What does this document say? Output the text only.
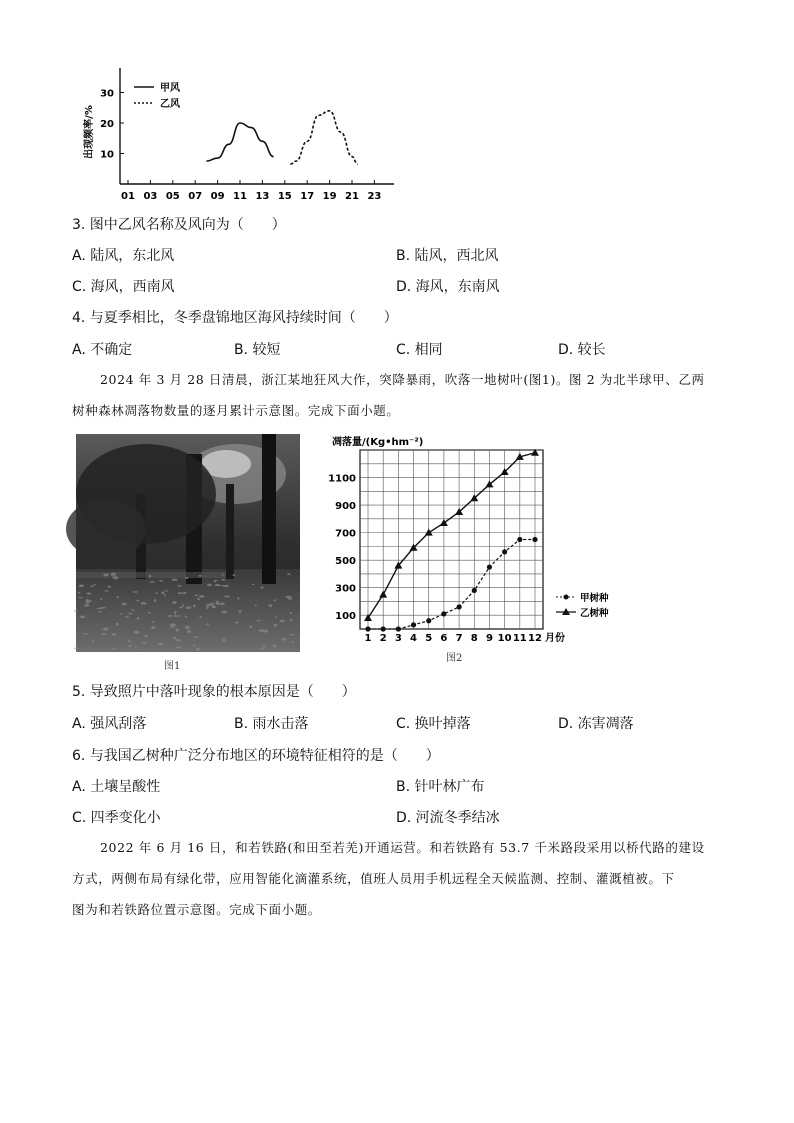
出现频率/%
01 03 05 07 09 11 13 15 17 19 21 23
30
20
10
甲风
乙风
3. 图中乙风名称及风向为（　　）
A. 陆风，东北风	B. 陆风，西北风
C. 海风，西南风	D. 海风，东南风
4. 与夏季相比，冬季盘锦地区海风持续时间（　　）
A. 不确定	B. 较短	C. 相同	D. 较长
2024 年 3 月 28 日清晨，浙江某地狂风大作，突降暴雨，吹落一地树叶(图1)。图 2 为北半球甲、乙两
树种森林凋落物数量的逐月累计示意图。完成下面小题。
图1
凋落量/(Kg•hm⁻²)
100
300
500
700
900
1100
1 2 3 4 5 6 7 8 9 10 11 12 月份
甲树种
乙树种
图2
5. 导致照片中落叶现象的根本原因是（　　）
A. 强风刮落	B. 雨水击落	C. 换叶掉落	D. 冻害凋落
6. 与我国乙树种广泛分布地区的环境特征相符的是（　　）
A. 土壤呈酸性	B. 针叶林广布
C. 四季变化小	D. 河流冬季结冰
2022 年 6 月 16 日，和若铁路(和田至若羌)开通运营。和若铁路有 53.7 千米路段采用以桥代路的建设
方式，两侧布局有绿化带，应用智能化滴灌系统，值班人员用手机远程全天候监测、控制、灌溉植被。下
图为和若铁路位置示意图。完成下面小题。
